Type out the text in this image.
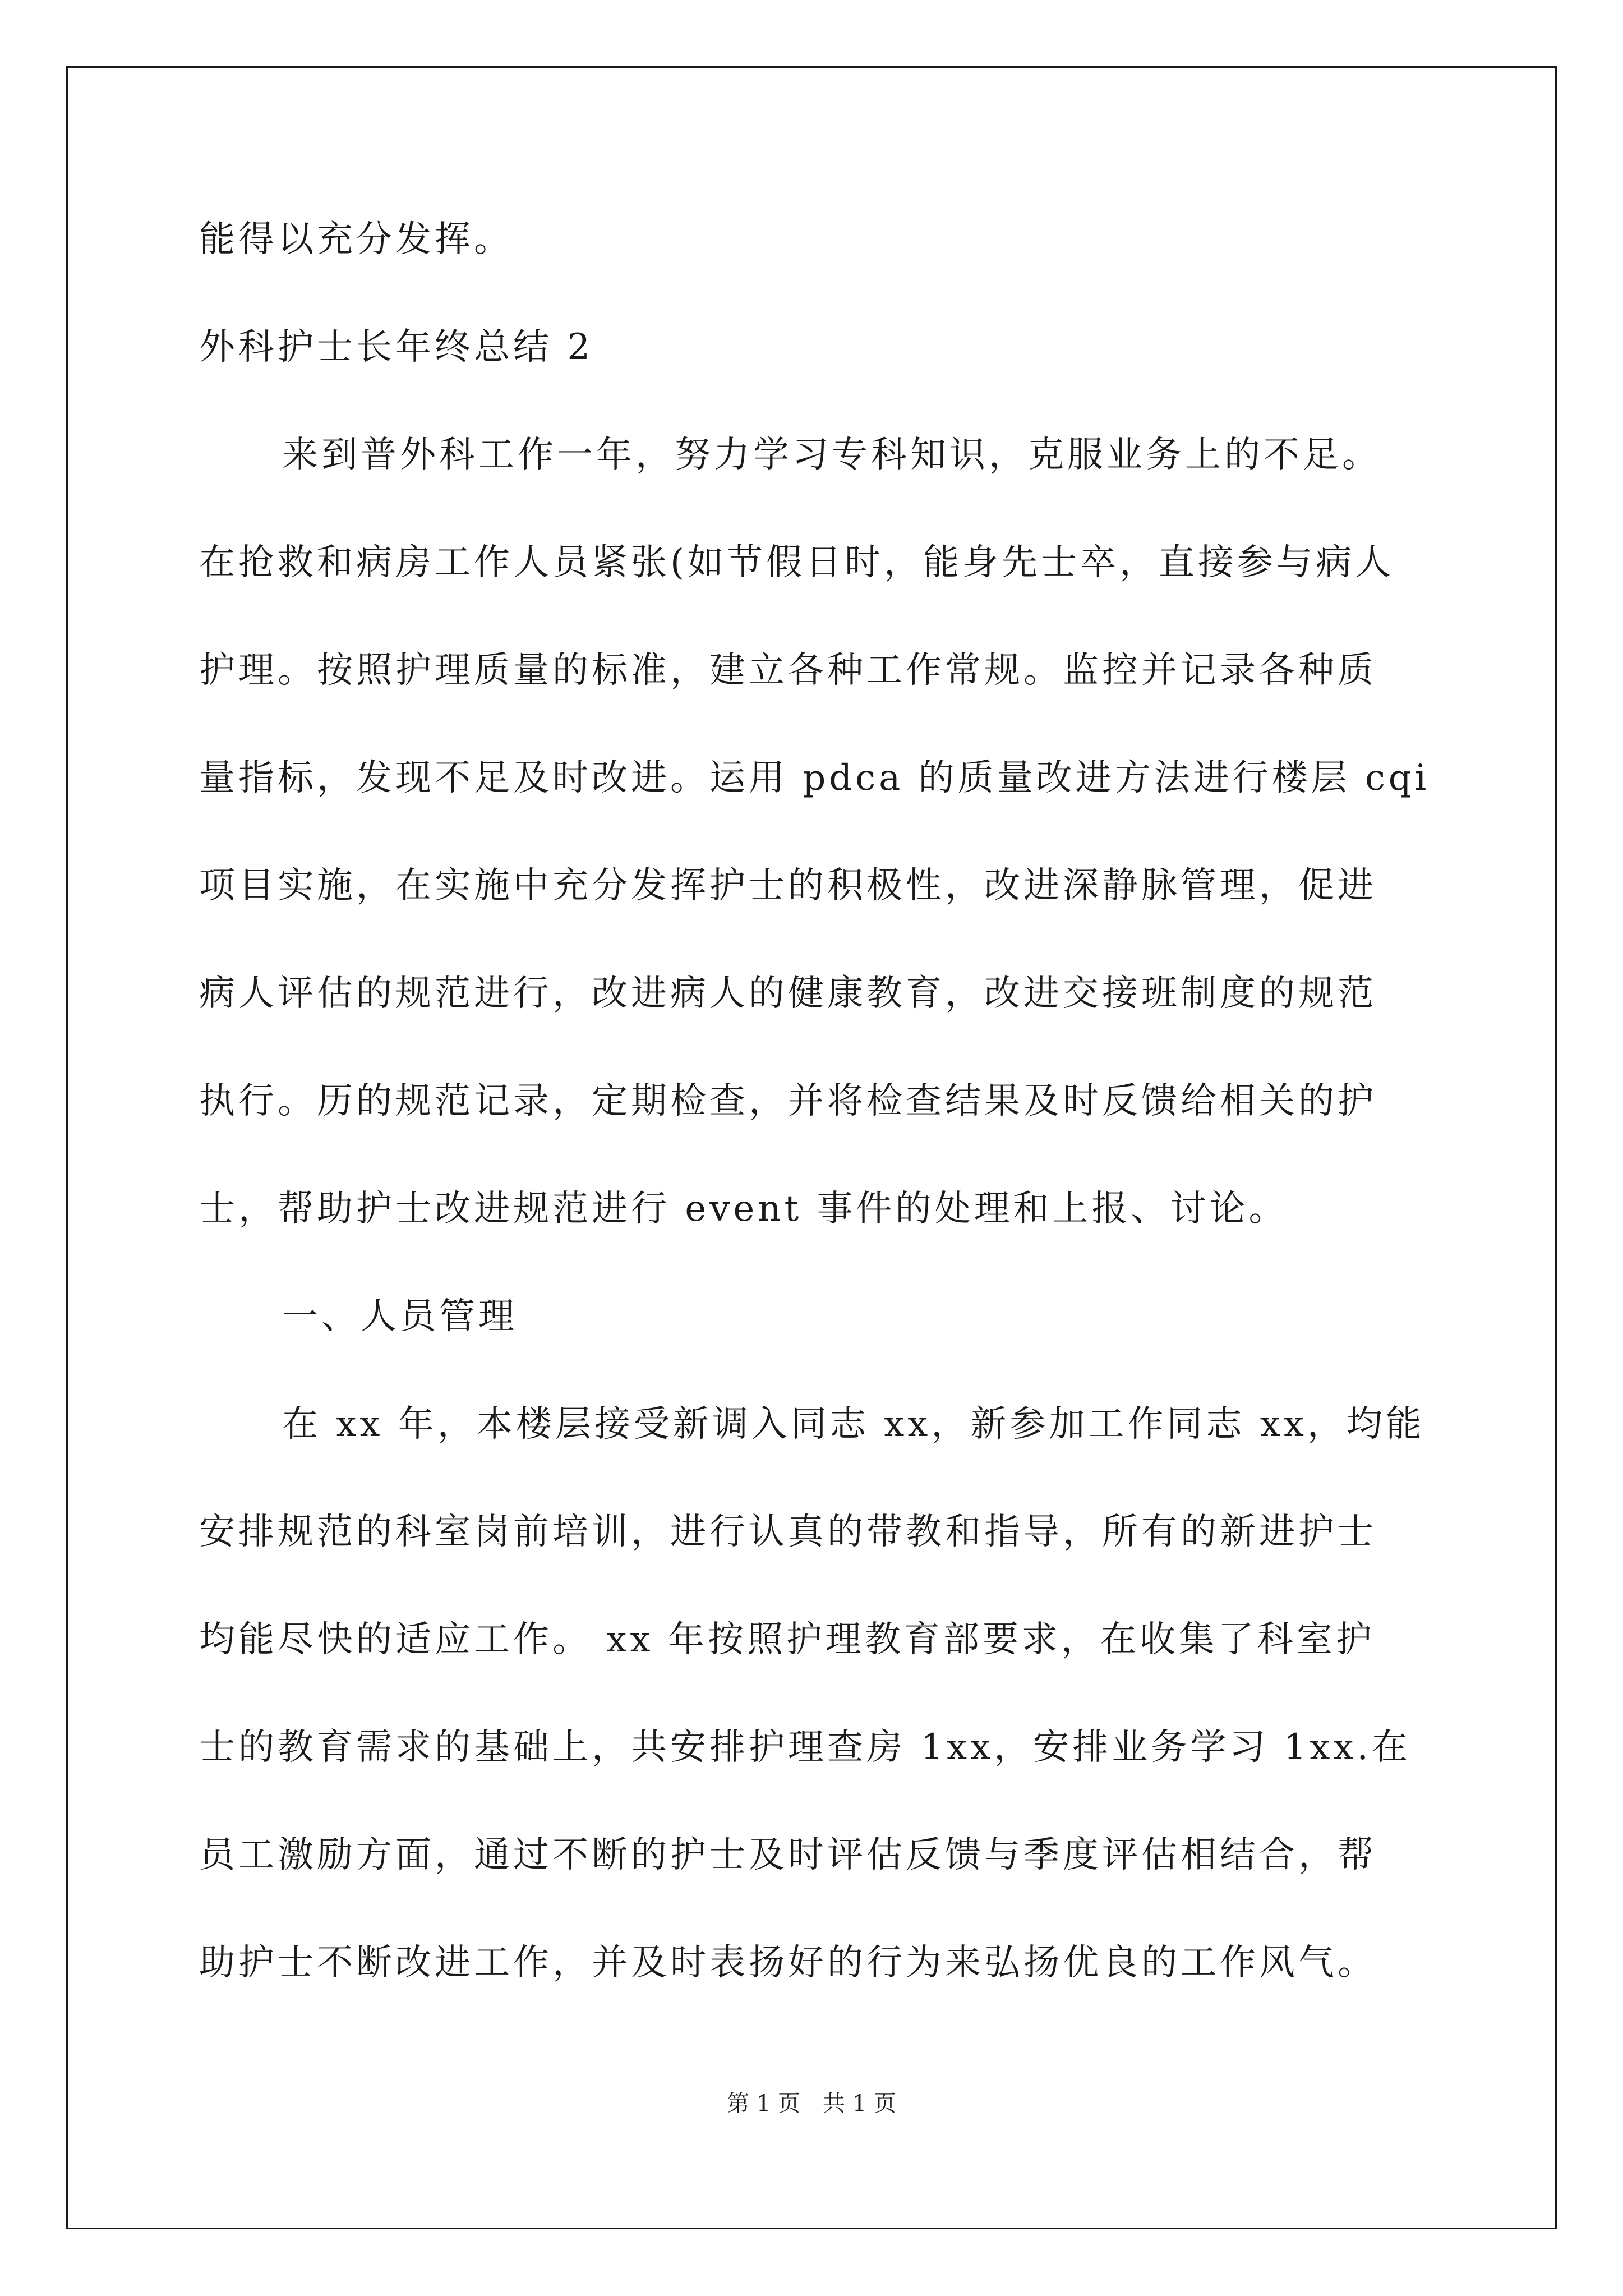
能得以充分发挥。
外科护士长年终总结 2
来到普外科工作一年，努力学习专科知识，克服业务上的不足。
在抢救和病房工作人员紧张(如节假日时，能身先士卒，直接参与病人
护理。按照护理质量的标准，建立各种工作常规。监控并记录各种质
量指标，发现不足及时改进。运用 pdca 的质量改进方法进行楼层 cqi
项目实施，在实施中充分发挥护士的积极性，改进深静脉管理，促进
病人评估的规范进行，改进病人的健康教育，改进交接班制度的规范
执行。历的规范记录，定期检查，并将检查结果及时反馈给相关的护
士，帮助护士改进规范进行 event 事件的处理和上报、讨论。
一、人员管理
在 xx 年，本楼层接受新调入同志 xx，新参加工作同志 xx，均能
安排规范的科室岗前培训，进行认真的带教和指导，所有的新进护士
均能尽快的适应工作。 xx 年按照护理教育部要求，在收集了科室护
士的教育需求的基础上，共安排护理查房 1xx，安排业务学习 1xx.在
员工激励方面，通过不断的护士及时评估反馈与季度评估相结合，帮
助护士不断改进工作，并及时表扬好的行为来弘扬优良的工作风气。
第 1 页　共 1 页
